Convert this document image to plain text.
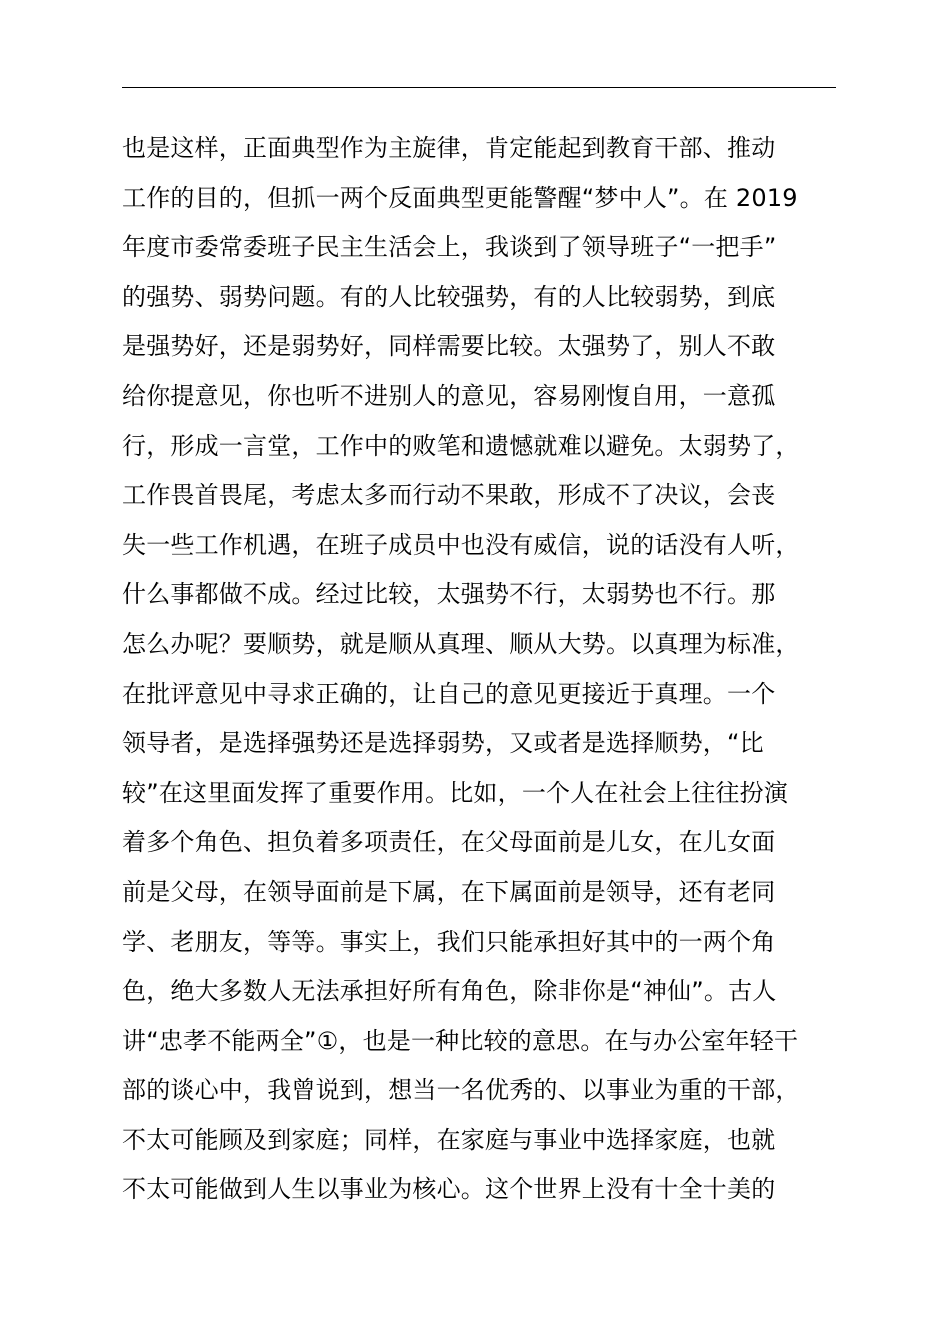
也是这样，正面典型作为主旋律，肯定能起到教育干部、推动
工作的目的，但抓一两个反面典型更能警醒“梦中人”。在 2019
年度市委常委班子民主生活会上，我谈到了领导班子“一把手”
的强势、弱势问题。有的人比较强势，有的人比较弱势，到底
是强势好，还是弱势好，同样需要比较。太强势了，别人不敢
给你提意见，你也听不进别人的意见，容易刚愎自用，一意孤
行，形成一言堂，工作中的败笔和遗憾就难以避免。太弱势了，
工作畏首畏尾，考虑太多而行动不果敢，形成不了决议，会丧
失一些工作机遇，在班子成员中也没有威信，说的话没有人听，
什么事都做不成。经过比较，太强势不行，太弱势也不行。那
怎么办呢？要顺势，就是顺从真理、顺从大势。以真理为标准，
在批评意见中寻求正确的，让自己的意见更接近于真理。一个
领导者，是选择强势还是选择弱势，又或者是选择顺势，“比
较”在这里面发挥了重要作用。比如，一个人在社会上往往扮演
着多个角色、担负着多项责任，在父母面前是儿女，在儿女面
前是父母，在领导面前是下属，在下属面前是领导，还有老同
学、老朋友，等等。事实上，我们只能承担好其中的一两个角
色，绝大多数人无法承担好所有角色，除非你是“神仙”。古人
讲“忠孝不能两全”①，也是一种比较的意思。在与办公室年轻干
部的谈心中，我曾说到，想当一名优秀的、以事业为重的干部，
不太可能顾及到家庭；同样，在家庭与事业中选择家庭，也就
不太可能做到人生以事业为核心。这个世界上没有十全十美的
